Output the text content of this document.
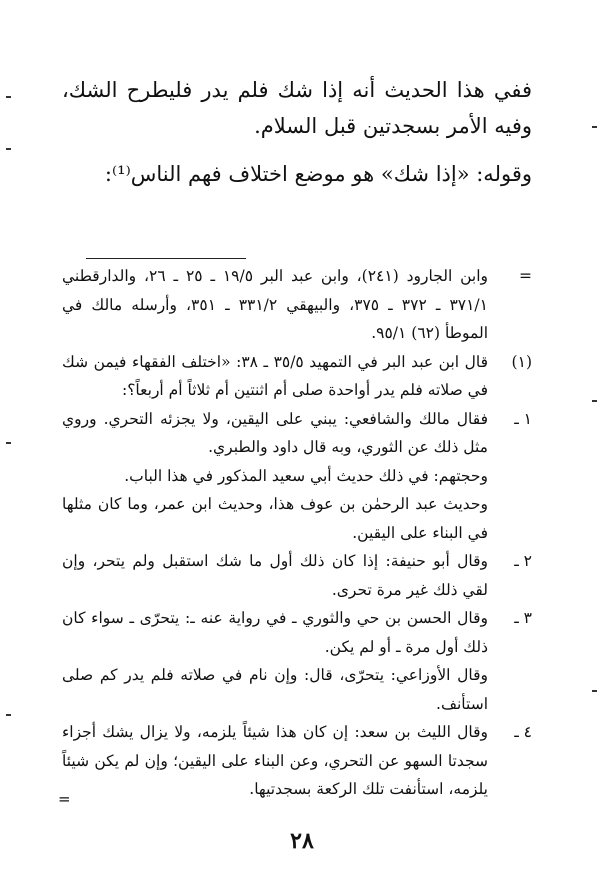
ففي هذا الحديث أنه إذا شك فلم يدر فليطرح الشك، وفيه الأمر بسجدتين قبل السلام.

وقوله: «إذا شك» هو موضع اختلاف فهم الناس⁽¹⁾:

=

وابن الجارود (٢٤١)، وابن عبد البر ١٩/٥ ـ ٢٥ ـ ٢٦، والدارقطني ٣٧١/١ ـ ٣٧٢ ـ ٣٧٥، والبيهقي ٣٣١/٢ ـ ٣٥١، وأرسله مالك في الموطأ (٦٢) ٩٥/١.

(١)

قال ابن عبد البر في التمهيد ٣٥/٥ ـ ٣٨: «اختلف الفقهاء فيمن شك في صلاته فلم يدر أواحدة صلى أم اثنتين أم ثلاثاً أم أربعاً؟:

١ ـ

فقال مالك والشافعي: يبني على اليقين، ولا يجزئه التحري. وروي مثل ذلك عن الثوري، وبه قال داود والطبري.

وحجتهم: في ذلك حديث أبي سعيد المذكور في هذا الباب.

وحديث عبد الرحمٰن بن عوف هذا، وحديث ابن عمر، وما كان مثلها في البناء على اليقين.

٢ ـ

وقال أبو حنيفة: إذا كان ذلك أول ما شك استقبل ولم يتحر، وإن لقي ذلك غير مرة تحرى.

٣ ـ

وقال الحسن بن حي والثوري ـ في رواية عنه ـ: يتحرّى ـ سواء كان ذلك أول مرة ـ أو لم يكن.

وقال الأوزاعي: يتحرّى، قال: وإن نام في صلاته فلم يدر كم صلى استأنف.

٤ ـ

وقال الليث بن سعد: إن كان هذا شيئاً يلزمه، ولا يزال يشك أجزاء سجدتا السهو عن التحري، وعن البناء على اليقين؛ وإن لم يكن شيئاً يلزمه، استأنفت تلك الركعة بسجدتيها.

=
٢٨
